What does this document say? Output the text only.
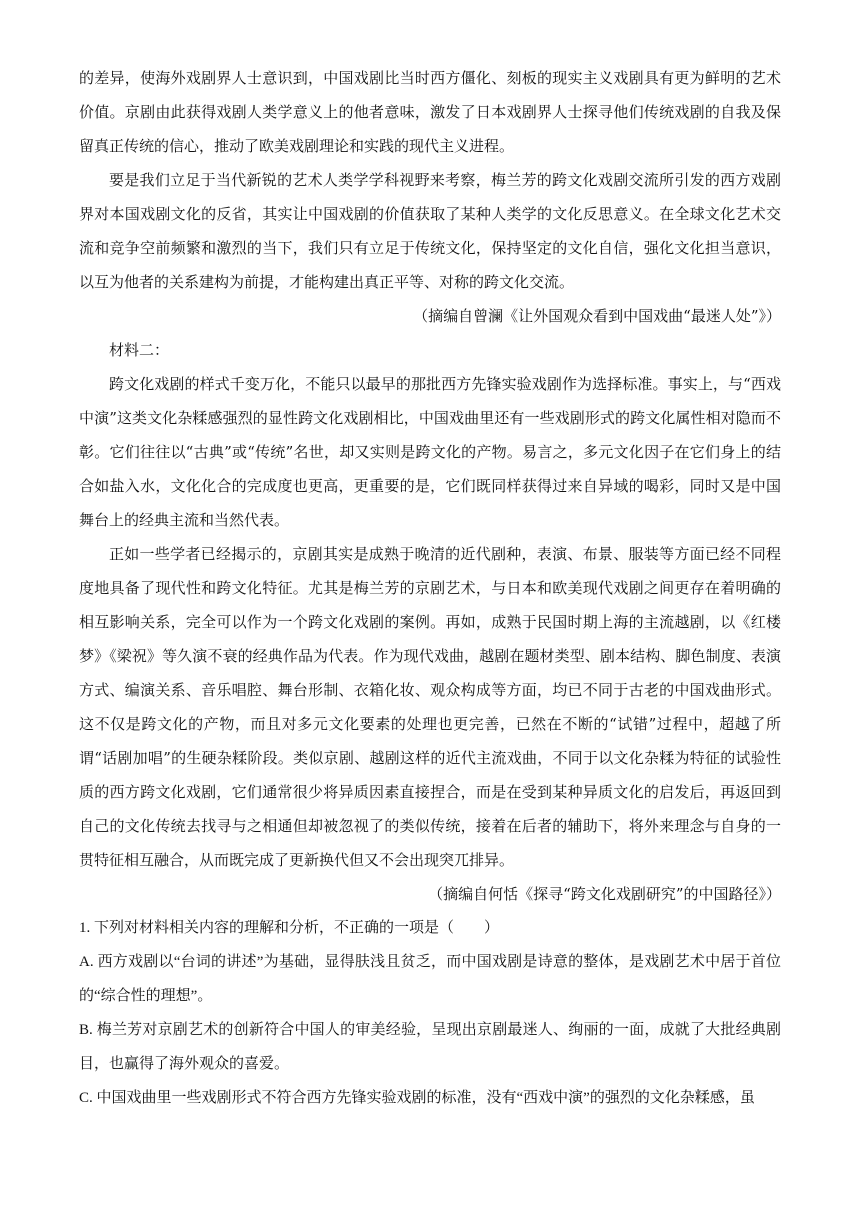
的差异，使海外戏剧界人士意识到，中国戏剧比当时西方僵化、刻板的现实主义戏剧具有更为鲜明的艺术价值。京剧由此获得戏剧人类学意义上的他者意味，激发了日本戏剧界人士探寻他们传统戏剧的自我及保留真正传统的信心，推动了欧美戏剧理论和实践的现代主义进程。

要是我们立足于当代新锐的艺术人类学学科视野来考察，梅兰芳的跨文化戏剧交流所引发的西方戏剧界对本国戏剧文化的反省，其实让中国戏剧的价值获取了某种人类学的文化反思意义。在全球文化艺术交流和竞争空前频繁和激烈的当下，我们只有立足于传统文化，保持坚定的文化自信，强化文化担当意识，以互为他者的关系建构为前提，才能构建出真正平等、对称的跨文化交流。

（摘编自曾澜《让外国观众看到中国戏曲“最迷人处”》）

材料二：

跨文化戏剧的样式千变万化，不能只以最早的那批西方先锋实验戏剧作为选择标准。事实上，与“西戏中演”这类文化杂糅感强烈的显性跨文化戏剧相比，中国戏曲里还有一些戏剧形式的跨文化属性相对隐而不彰。它们往往以“古典”或“传统”名世，却又实则是跨文化的产物。易言之，多元文化因子在它们身上的结合如盐入水，文化化合的完成度也更高，更重要的是，它们既同样获得过来自异域的喝彩，同时又是中国舞台上的经典主流和当然代表。

正如一些学者已经揭示的，京剧其实是成熟于晚清的近代剧种，表演、布景、服装等方面已经不同程度地具备了现代性和跨文化特征。尤其是梅兰芳的京剧艺术，与日本和欧美现代戏剧之间更存在着明确的相互影响关系，完全可以作为一个跨文化戏剧的案例。再如，成熟于民国时期上海的主流越剧，以《红楼梦》《梁祝》等久演不衰的经典作品为代表。作为现代戏曲，越剧在题材类型、剧本结构、脚色制度、表演方式、编演关系、音乐唱腔、舞台形制、衣箱化妆、观众构成等方面，均已不同于古老的中国戏曲形式。这不仅是跨文化的产物，而且对多元文化要素的处理也更完善，已然在不断的“试错”过程中，超越了所谓“话剧加唱”的生硬杂糅阶段。类似京剧、越剧这样的近代主流戏曲，不同于以文化杂糅为特征的试验性质的西方跨文化戏剧，它们通常很少将异质因素直接捏合，而是在受到某种异质文化的启发后，再返回到自己的文化传统去找寻与之相通但却被忽视了的类似传统，接着在后者的辅助下，将外来理念与自身的一贯特征相互融合，从而既完成了更新换代但又不会出现突兀排异。

（摘编自何恬《探寻“跨文化戏剧研究”的中国路径》）

1. 下列对材料相关内容的理解和分析，不正确的一项是（　　）

A. 西方戏剧以“台词的讲述”为基础，显得肤浅且贫乏，而中国戏剧是诗意的整体，是戏剧艺术中居于首位的“综合性的理想”。

B. 梅兰芳对京剧艺术的创新符合中国人的审美经验，呈现出京剧最迷人、绚丽的一面，成就了大批经典剧目，也赢得了海外观众的喜爱。

C. 中国戏曲里一些戏剧形式不符合西方先锋实验戏剧的标准，没有“西戏中演”的强烈的文化杂糅感，虽
